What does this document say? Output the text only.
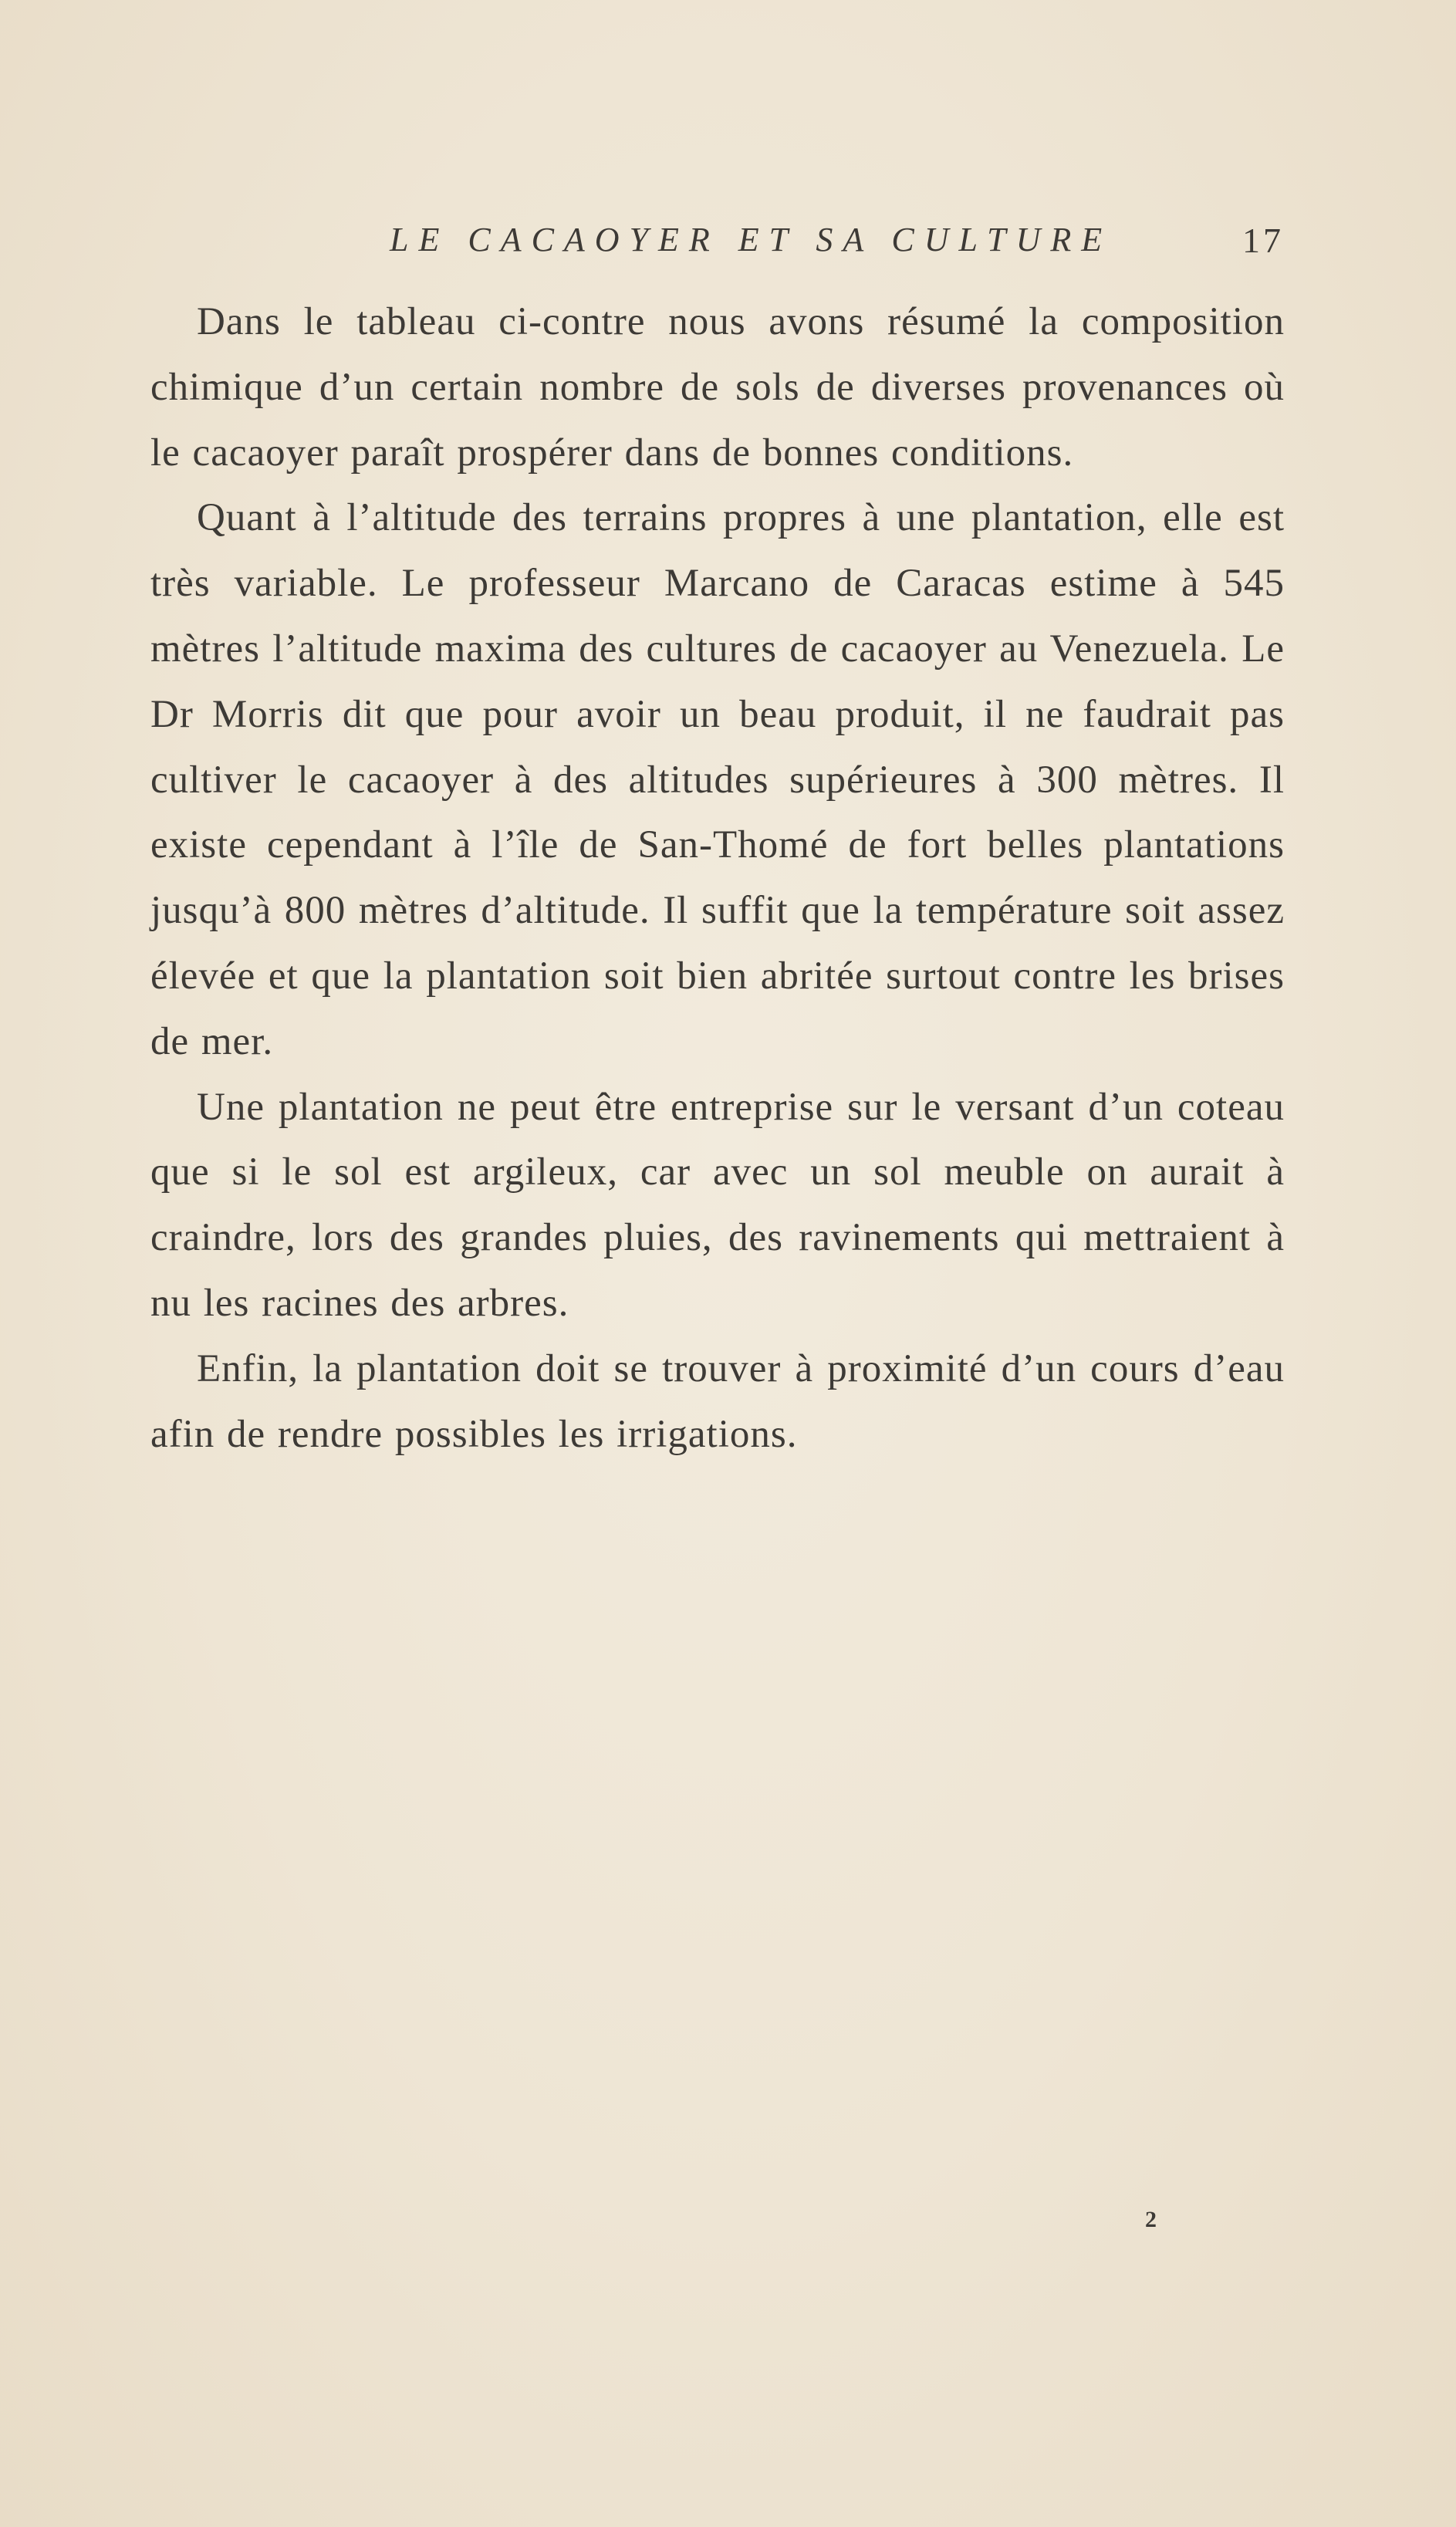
LE CACAOYER ET SA CULTURE	17

Dans le tableau ci-contre nous avons résumé la composition chimique d’un certain nombre de sols de diverses provenances où le cacaoyer paraît prospérer dans de bonnes conditions.

Quant à l’altitude des terrains propres à une plantation, elle est très variable. Le professeur Marcano de Caracas estime à 545 mètres l’altitude maxima des cultures de cacaoyer au Venezuela. Le Dr Morris dit que pour avoir un beau produit, il ne faudrait pas cultiver le cacaoyer à des altitudes supérieures à 300 mètres. Il existe cependant à l’île de San-Thomé de fort belles plantations jusqu’à 800 mètres d’altitude. Il suffit que la température soit assez élevée et que la plantation soit bien abritée surtout contre les brises de mer.

Une plantation ne peut être entreprise sur le versant d’un coteau que si le sol est argileux, car avec un sol meuble on aurait à craindre, lors des grandes pluies, des ravinements qui mettraient à nu les racines des arbres.

Enfin, la plantation doit se trouver à proximité d’un cours d’eau afin de rendre possibles les irrigations.

2
